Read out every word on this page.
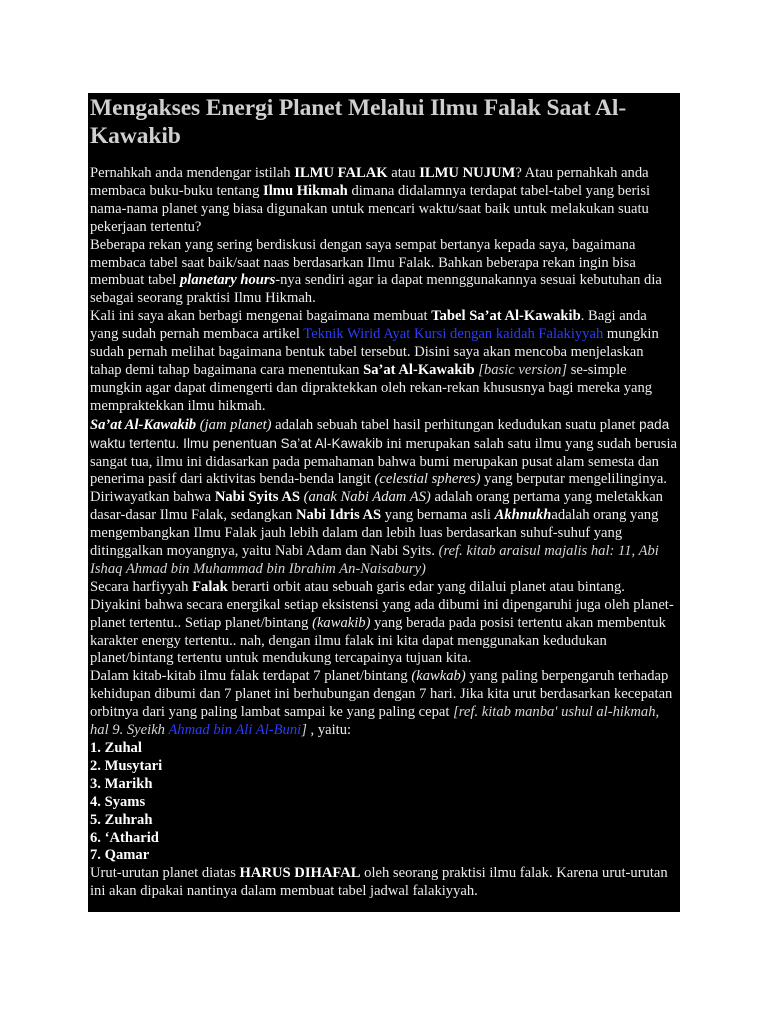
Mengakses Energi Planet Melalui Ilmu Falak Saat Al-Kawakib

Pernahkah anda mendengar istilah ILMU FALAK atau ILMU NUJUM? Atau pernahkah anda membaca buku-buku tentang Ilmu Hikmah dimana didalamnya terdapat tabel-tabel yang berisi nama-nama planet yang biasa digunakan untuk mencari waktu/saat baik untuk melakukan suatu pekerjaan tertentu?

Beberapa rekan yang sering berdiskusi dengan saya sempat bertanya kepada saya, bagaimana membaca tabel saat baik/saat naas berdasarkan Ilmu Falak. Bahkan beberapa rekan ingin bisa membuat tabel planetary hours-nya sendiri agar ia dapat mennggunakannya sesuai kebutuhan dia sebagai seorang praktisi Ilmu Hikmah.

Kali ini saya akan berbagi mengenai bagaimana membuat Tabel Sa’at Al-Kawakib. Bagi anda yang sudah pernah membaca artikel Teknik Wirid Ayat Kursi dengan kaidah Falakiyyah mungkin sudah pernah melihat bagaimana bentuk tabel tersebut. Disini saya akan mencoba menjelaskan tahap demi tahap bagaimana cara menentukan Sa’at Al-Kawakib [basic version] se-simple mungkin agar dapat dimengerti dan dipraktekkan oleh rekan-rekan khususnya bagi mereka yang mempraktekkan ilmu hikmah.

Sa’at Al-Kawakib (jam planet) adalah sebuah tabel hasil perhitungan kedudukan suatu planet pada waktu tertentu. Ilmu penentuan Sa’at Al-Kawakib ini merupakan salah satu ilmu yang sudah berusia sangat tua, ilmu ini didasarkan pada pemahaman bahwa bumi merupakan pusat alam semesta dan penerima pasif dari aktivitas benda-benda langit (celestial spheres) yang berputar mengelilinginya.

Diriwayatkan bahwa Nabi Syits AS (anak Nabi Adam AS) adalah orang pertama yang meletakkan dasar-dasar Ilmu Falak, sedangkan Nabi Idris AS yang bernama asli Akhnukhadalah orang yang mengembangkan Ilmu Falak jauh lebih dalam dan lebih luas berdasarkan suhuf-suhuf yang ditinggalkan moyangnya, yaitu Nabi Adam dan Nabi Syits. (ref. kitab araisul majalis hal: 11, Abi Ishaq Ahmad bin Muhammad bin Ibrahim An-Naisabury)

Secara harfiyyah Falak berarti orbit atau sebuah garis edar yang dilalui planet atau bintang. Diyakini bahwa secara energikal setiap eksistensi yang ada dibumi ini dipengaruhi juga oleh planet-planet tertentu.. Setiap planet/bintang (kawakib) yang berada pada posisi tertentu akan membentuk karakter energy tertentu.. nah, dengan ilmu falak ini kita dapat menggunakan kedudukan planet/bintang tertentu untuk mendukung tercapainya tujuan kita.

Dalam kitab-kitab ilmu falak terdapat 7 planet/bintang (kawkab) yang paling berpengaruh terhadap kehidupan dibumi dan 7 planet ini berhubungan dengan 7 hari. Jika kita urut berdasarkan kecepatan orbitnya dari yang paling lambat sampai ke yang paling cepat [ref. kitab manba' ushul al-hikmah, hal 9. Syeikh Ahmad bin Ali Al-Buni] , yaitu:

1. Zuhal
2. Musytari
3. Marikh
4. Syams
5. Zuhrah
6. ‘Atharid
7. Qamar

Urut-urutan planet diatas HARUS DIHAFAL oleh seorang praktisi ilmu falak. Karena urut-urutan ini akan dipakai nantinya dalam membuat tabel jadwal falakiyyah.
